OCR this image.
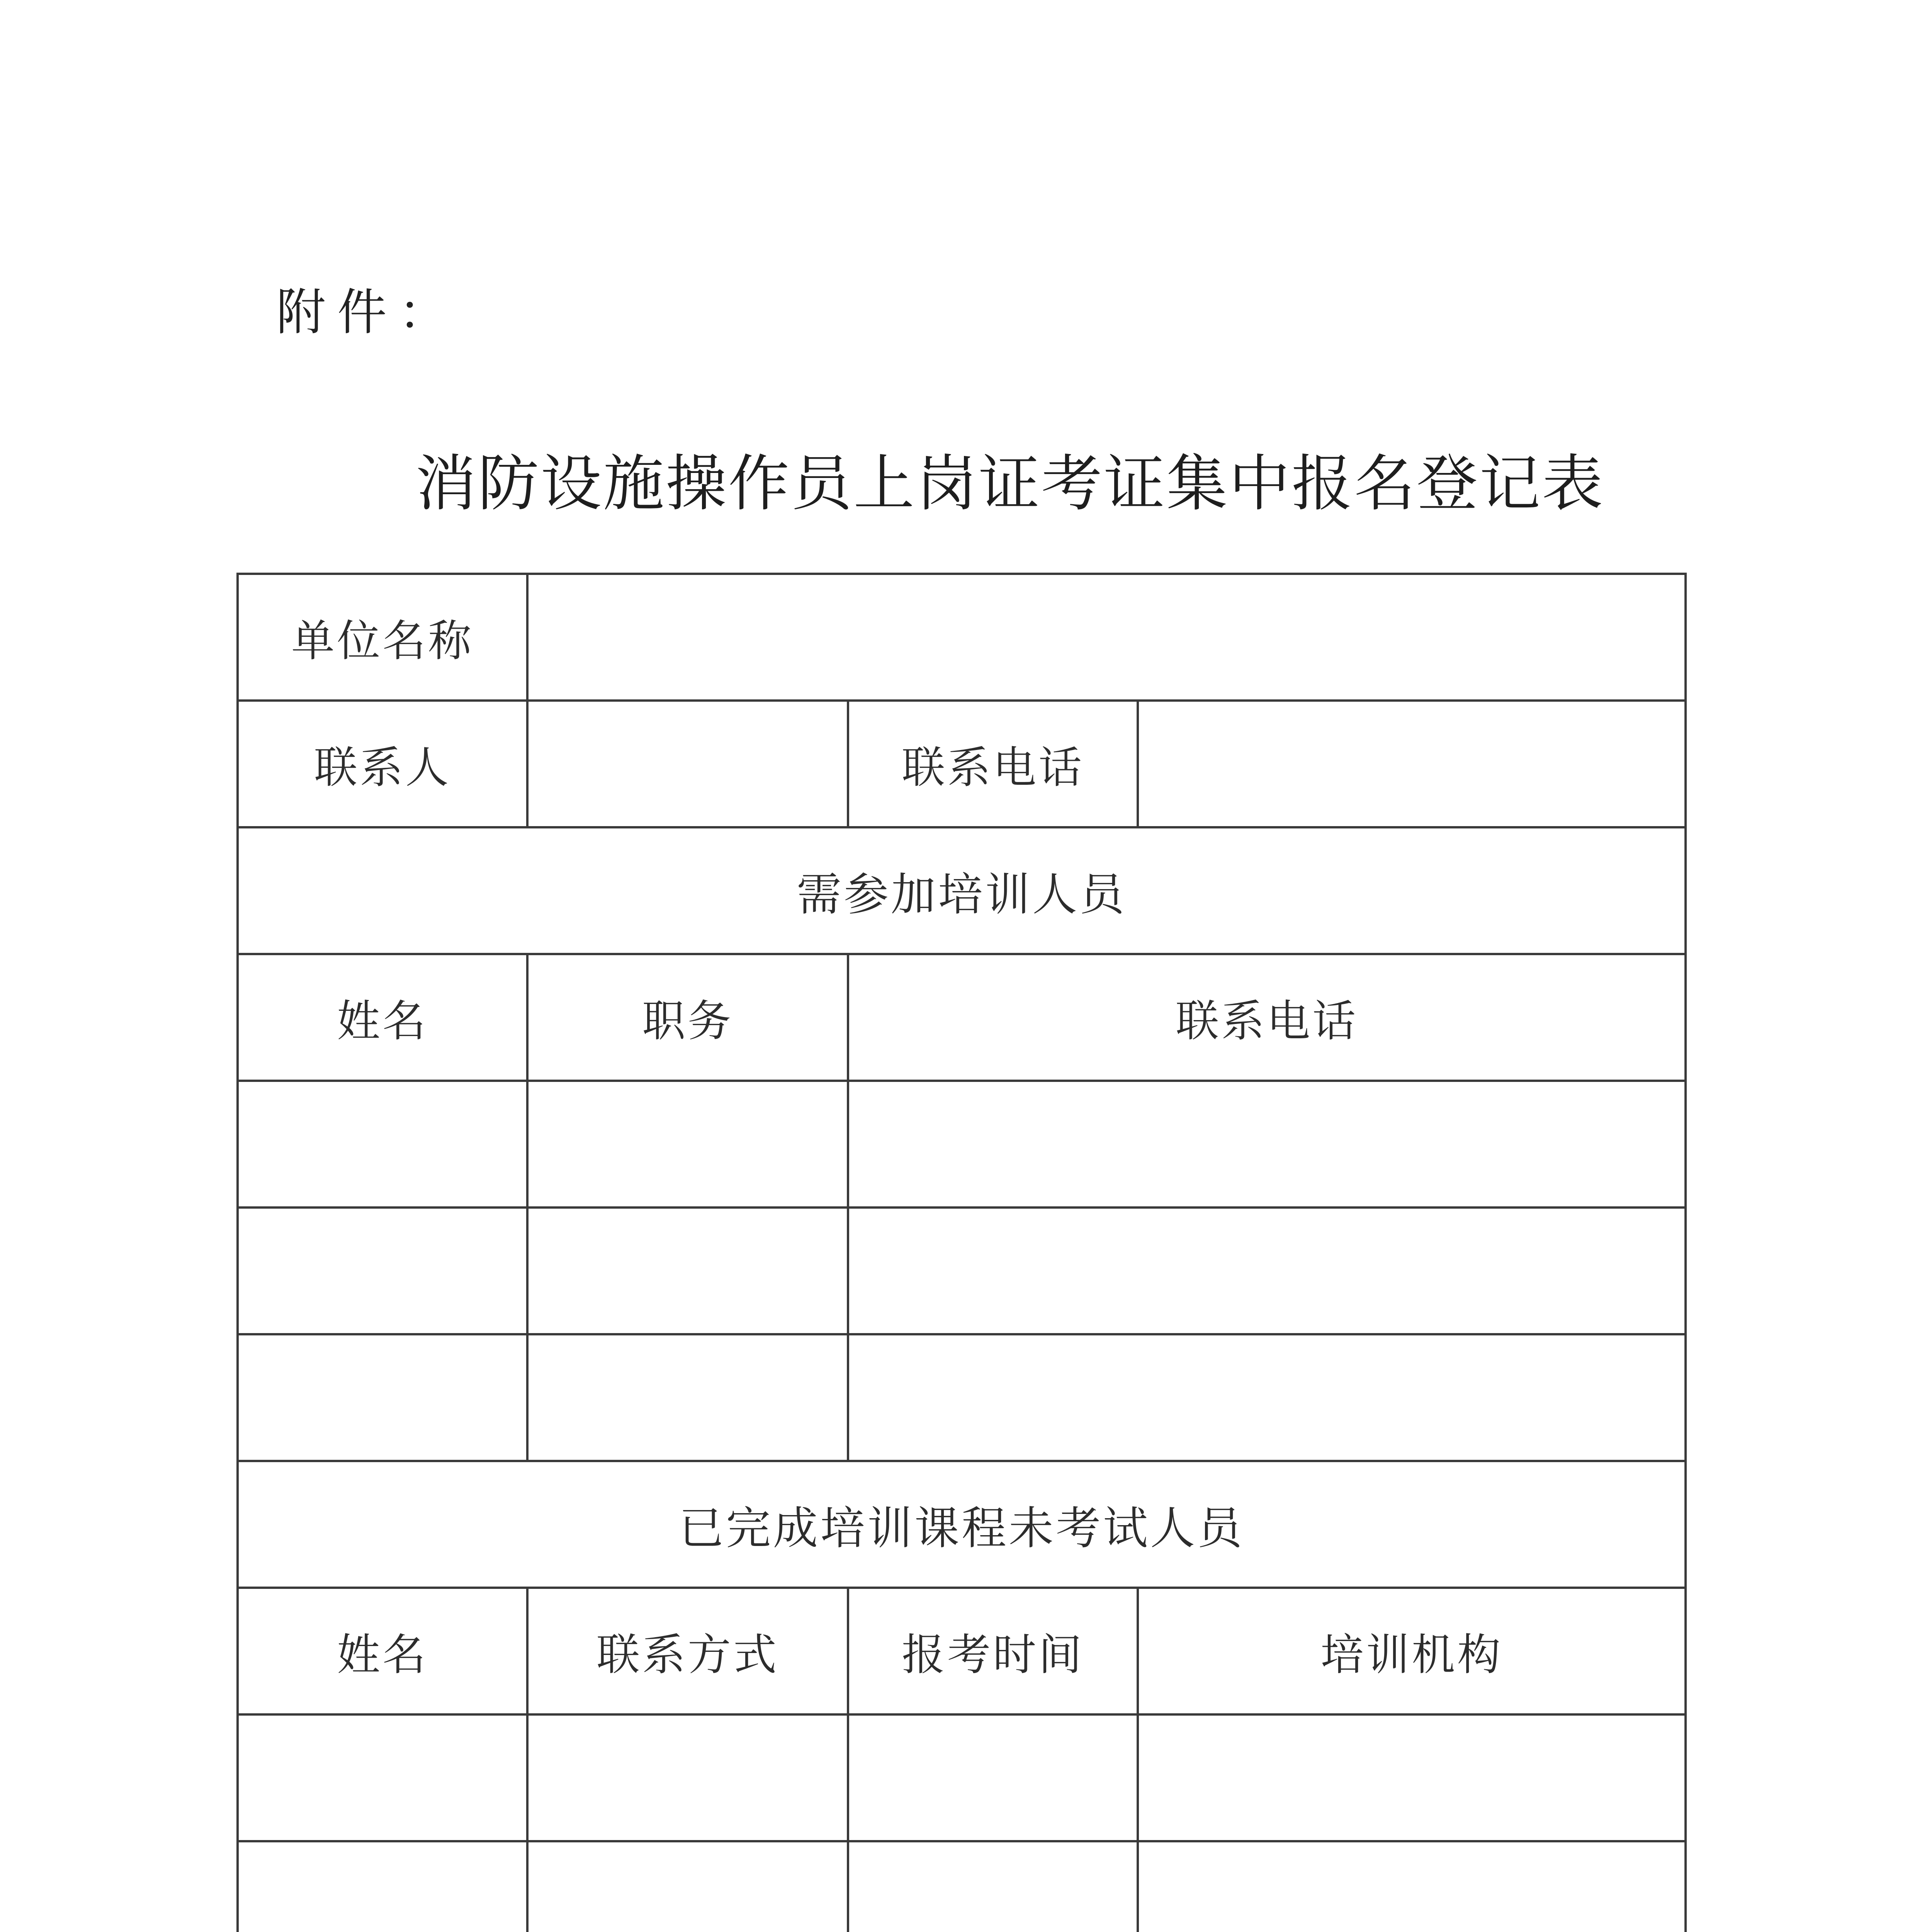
附件：
消防设施操作员上岗证考证集中报名登记表
单位名称			
联系人		联系电话	
需参加培训人员			
姓名	职务	联系电话	

已完成培训课程未考试人员			
姓名	联系方式	报考时间	培训机构
